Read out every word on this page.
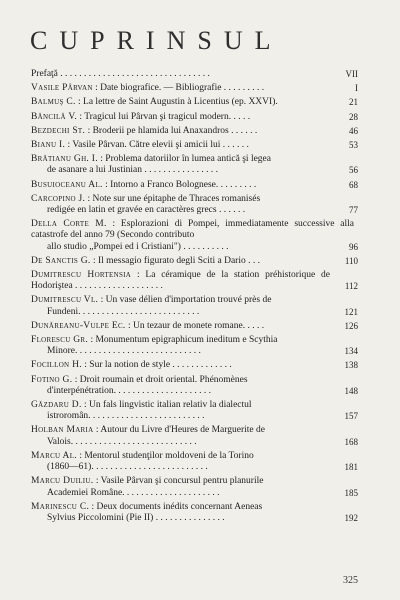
CUPRINSUL
Prefaţă . . . . . . . . . . . . . . . . . . . . . . . . . . . . . . . .	VII
Vasile Pârvan : Date biografice. — Bibliografie . . . . . . . . .	I
Balmuş C. : La lettre de Saint Augustin à Licentius (ep. XXVI).	21
Băncilă V. : Tragicul lui Pârvan şi tragicul modern. . . . .	28
Bezdechi St. : Broderii pe hlamida lui Anaxandros . . . . . .	46
Bianu I. : Vasile Pârvan. Către elevii şi amicii lui . . . . . .	53
Brătianu Gh. I. : Problema datoriilor în lumea antică şi legea
de asanare a lui Justinian . . . . . . . . . . . . . . . .	56
Busuioceanu Al. : Intorno a Franco Bolognese. . . . . . . . .	68
Carcopino J. : Note sur une épitaphe de Thraces romanisés
redigée en latin et gravée en caractères grecs . . . . . .	77
Della Corte M. : Esplorazioni di Pompei, immediatamente successive alla catastrofe del anno 79 (Secondo contributo
allo studio „Pompei ed i Cristiani") . . . . . . . . . .	96
De Sanctis G. : Il messagio figurato degli Sciti a Dario . . .	110
Dumitrescu Hortensia : La céramique de la station préhistorique de Hodoriştea . . . . . . . . . . . . . . . . . . .	112
Dumitrescu Vl. : Un vase délien d'importation trouvé près de
Fundeni. . . . . . . . . . . . . . . . . . . . . . . . . .	121
Dunăreanu-Vulpe Ec. : Un tezaur de monete romane. . . . .	126
Florescu Gr. : Monumentum epigraphicum ineditum e Scythia
Minore. . . . . . . . . . . . . . . . . . . . . . . . . . .	134
Focillon H. : Sur la notion de style . . . . . . . . . . . . .	138
Fotino G. : Droit roumain et droit oriental. Phénomènes
d'interpénétration. . . . . . . . . . . . . . . . . . . . .	148
Găzdaru D. : Un fals lingvistic italian relativ la dialectul
istroromân. . . . . . . . . . . . . . . . . . . . . . . . .	157
Holban Maria : Autour du Livre d'Heures de Marguerite de
Valois. . . . . . . . . . . . . . . . . . . . . . . . . . .	168
Marcu Al. : Mentorul studenţilor moldoveni de la Torino
(1860—61). . . . . . . . . . . . . . . . . . . . . . . . .	181
Marcu Duiliu. : Vasile Pârvan şi concursul pentru planurile
Academiei Române. . . . . . . . . . . . . . . . . . . . .	185
Marinescu C. : Deux documents inédits concernant Aeneas
Sylvius Piccolomini (Pie II) . . . . . . . . . . . . . . .	192
325
